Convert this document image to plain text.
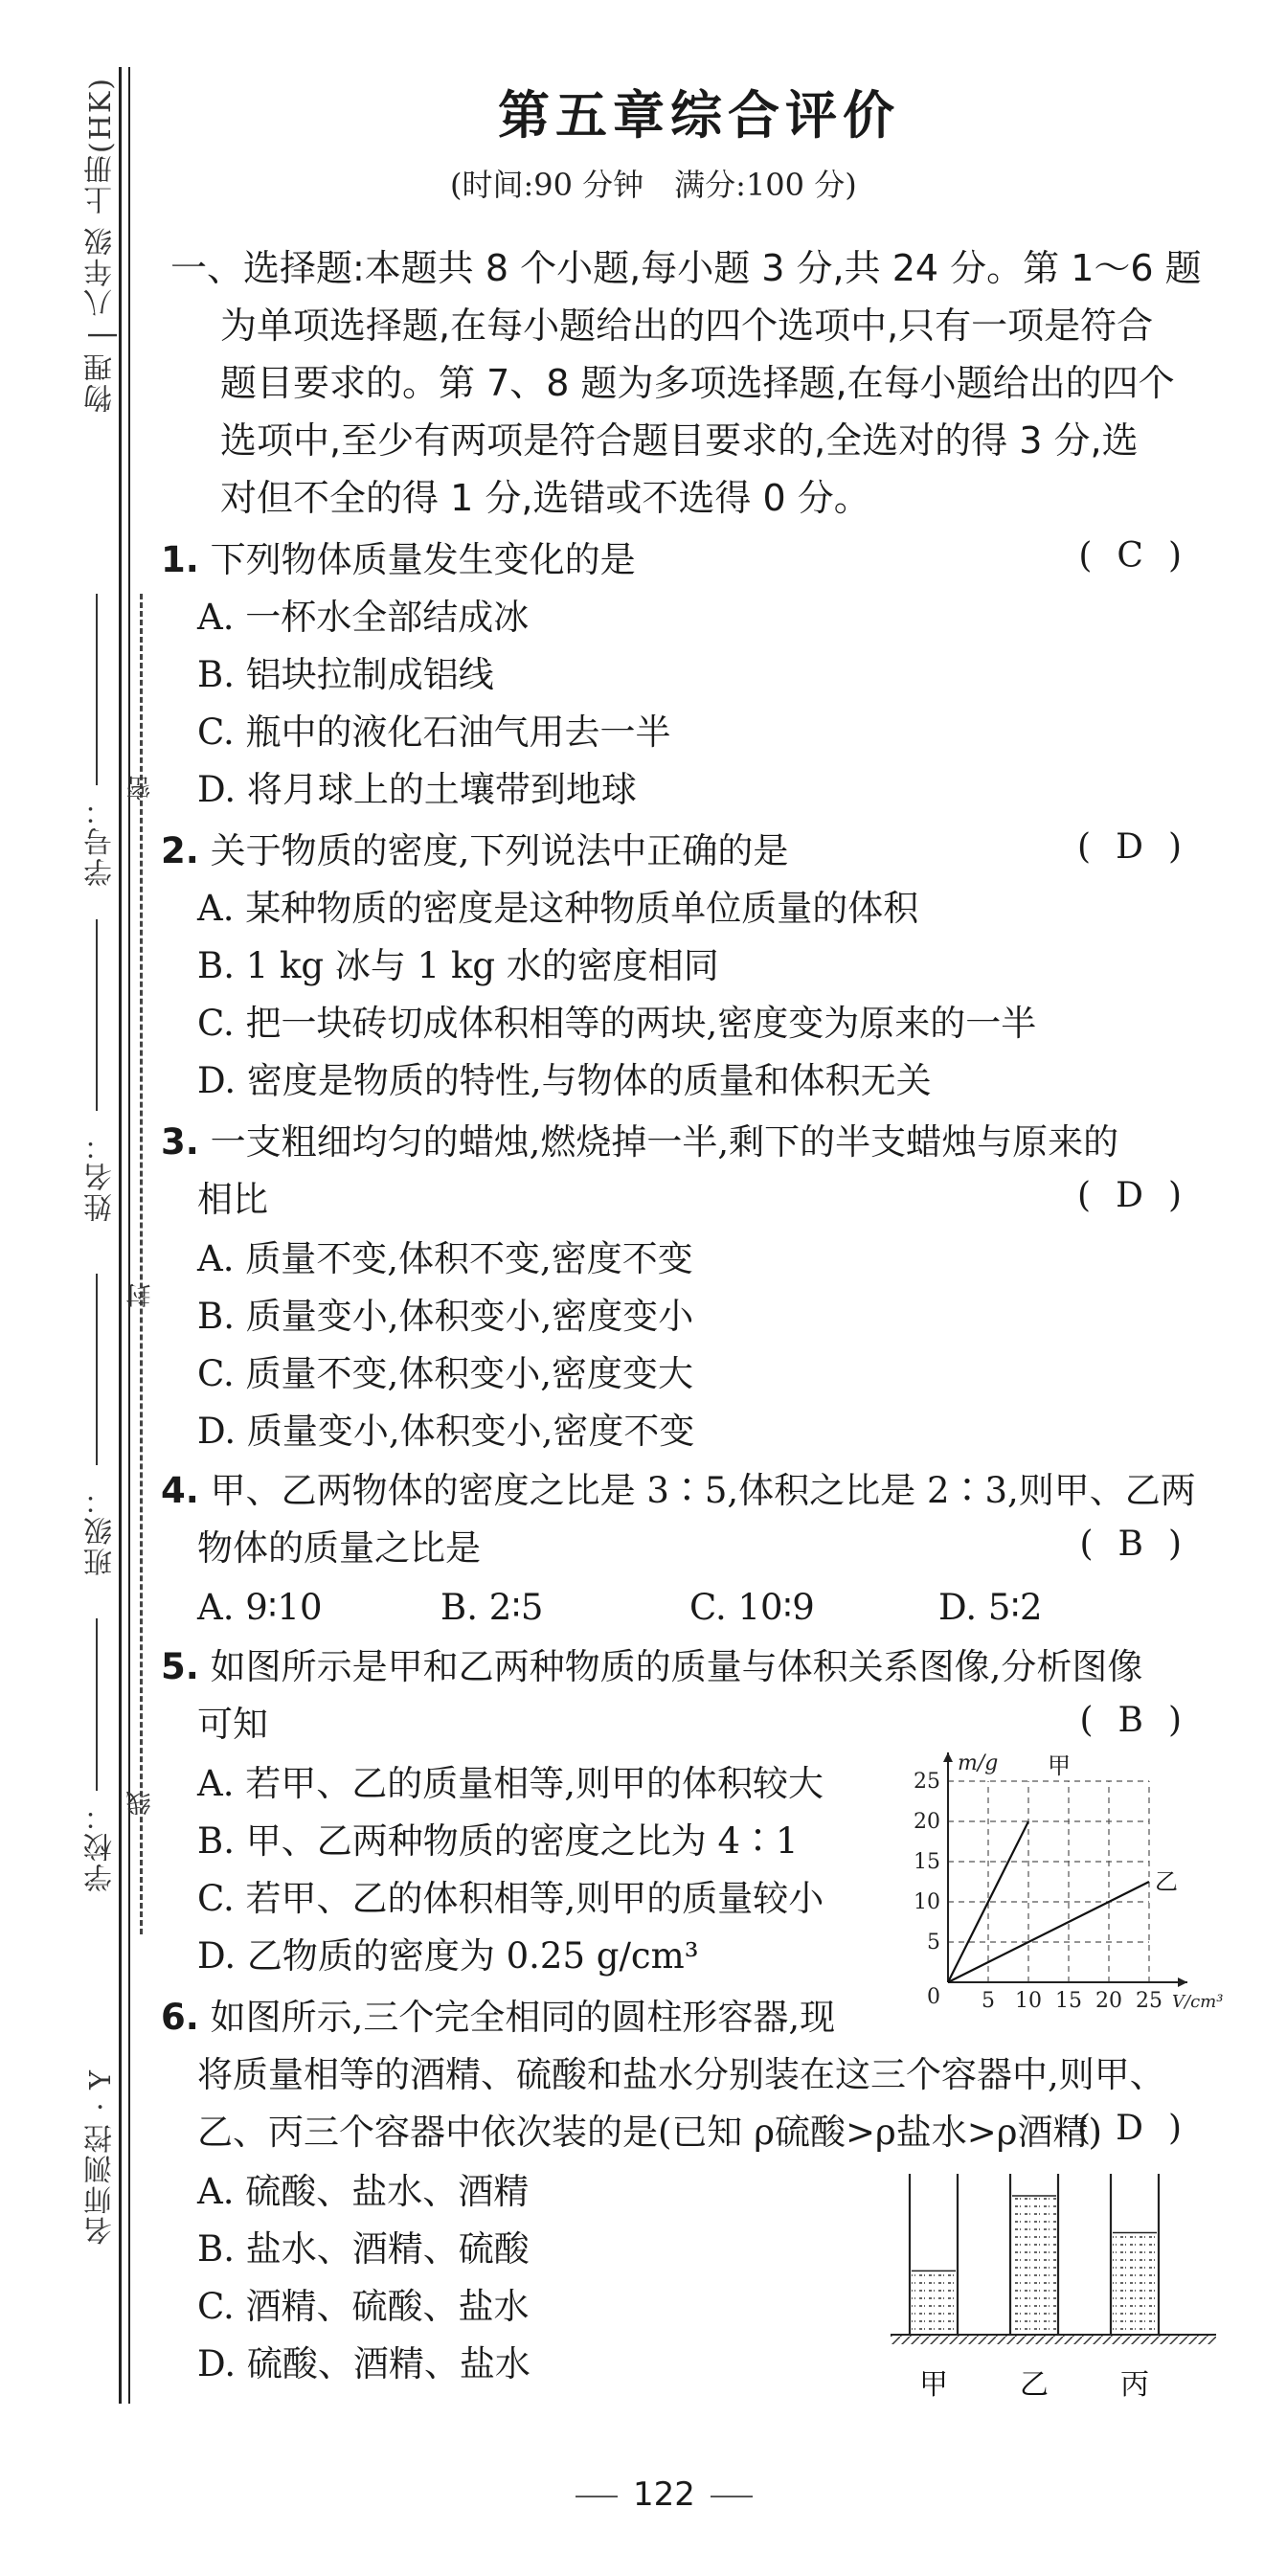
物理 | 八年级 上册(HK)
名师测控 · Y
学校：
班级：
姓名：
学号：
密
封
线
第五章综合评价
(时间:90 分钟　满分:100 分)
一、选择题:本题共 8 个小题,每小题 3 分,共 24 分。第 1～6 题
为单项选择题,在每小题给出的四个选项中,只有一项是符合
题目要求的。第 7、8 题为多项选择题,在每小题给出的四个
选项中,至少有两项是符合题目要求的,全选对的得 3 分,选
对但不全的得 1 分,选错或不选得 0 分。
1. 下列物体质量发生变化的是	(C)
A. 一杯水全部结成冰
B. 铝块拉制成铝线
C. 瓶中的液化石油气用去一半
D. 将月球上的土壤带到地球
2. 关于物质的密度,下列说法中正确的是	(D)
A. 某种物质的密度是这种物质单位质量的体积
B. 1 kg 冰与 1 kg 水的密度相同
C. 把一块砖切成体积相等的两块,密度变为原来的一半
D. 密度是物质的特性,与物体的质量和体积无关
3. 一支粗细均匀的蜡烛,燃烧掉一半,剩下的半支蜡烛与原来的
相比	(D)
A. 质量不变,体积不变,密度不变
B. 质量变小,体积变小,密度变小
C. 质量不变,体积变小,密度变大
D. 质量变小,体积变小,密度不变
4. 甲、乙两物体的密度之比是 3∶5,体积之比是 2∶3,则甲、乙两
物体的质量之比是	(B)
A. 9∶10	B. 2∶5	C. 10∶9	D. 5∶2
5. 如图所示是甲和乙两种物质的质量与体积关系图像,分析图像
可知	(B)
A. 若甲、乙的质量相等,则甲的体积较大
B. 甲、乙两种物质的密度之比为 4∶1
C. 若甲、乙的体积相等,则甲的质量较小
D. 乙物质的密度为 0.25 g/cm³
5 10 15 20 25
5
10
15
20
25
0
m/g
V/cm³
甲
乙
6. 如图所示,三个完全相同的圆柱形容器,现
将质量相等的酒精、硫酸和盐水分别装在这三个容器中,则甲、
乙、丙三个容器中依次装的是(已知 ρ硫酸>ρ盐水>ρ酒精)
(D)
A. 硫酸、盐水、酒精
B. 盐水、酒精、硫酸
C. 酒精、硫酸、盐水
D. 硫酸、酒精、盐水
甲	乙	丙
122
